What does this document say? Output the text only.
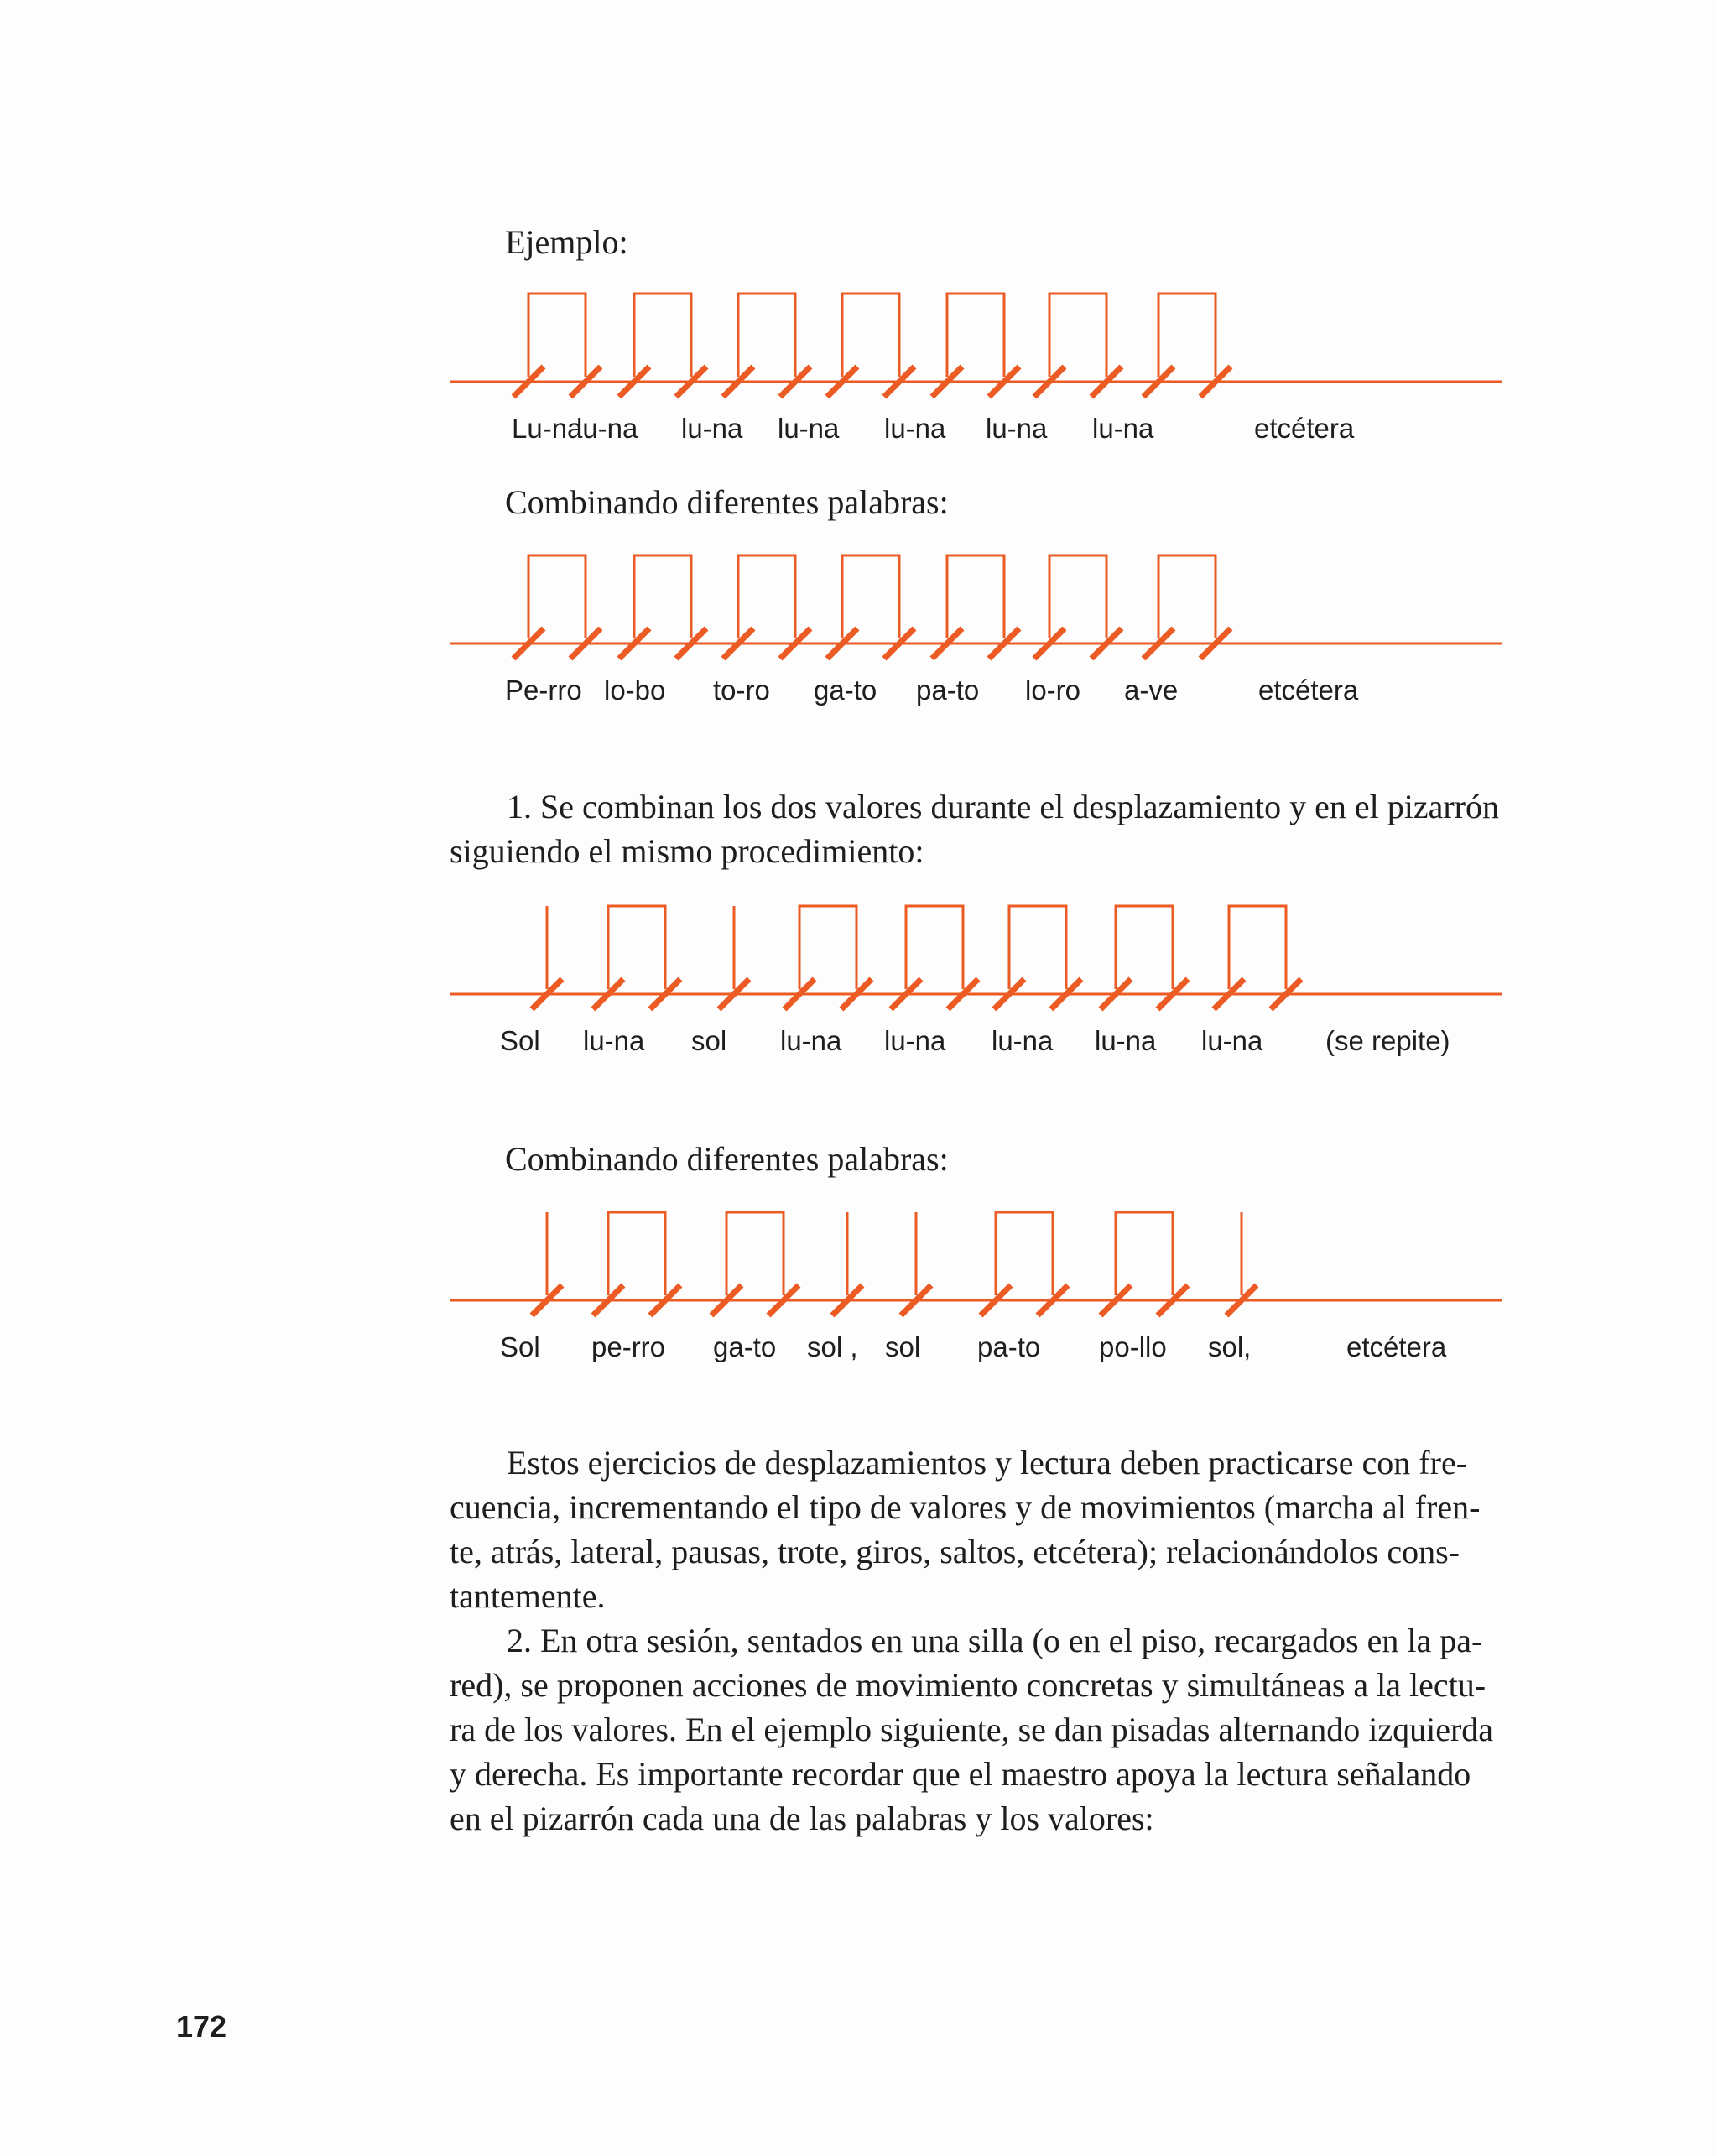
Ejemplo:
Lu-na
lu-na lu-na lu-na lu-na lu-na lu-na	etcétera
Combinando diferentes palabras:
Pe-rro lo-bo to-ro ga-to pa-to lo-ro a-ve	etcétera
1. Se combinan los dos valores durante el desplazamiento y en el pizarrón
siguiendo el mismo procedimiento:
Sol lu-na sol lu-na lu-na lu-na lu-na lu-na (se repite)
Combinando diferentes palabras:
Sol pe-rro ga-to sol , sol pa-to po-llo sol,	etcétera

Estos ejercicios de desplazamientos y lectura deben practicarse con fre-

cuencia, incrementando el tipo de valores y de movimientos (marcha al fren-

te, atrás, lateral, pausas, trote, giros, saltos, etcétera); relacionándolos cons-

tantemente.

2. En otra sesión, sentados en una silla (o en el piso, recargados en la pa-

red), se proponen acciones de movimiento concretas y simultáneas a la lectu-

ra de los valores. En el ejemplo siguiente, se dan pisadas alternando izquierda

y derecha. Es importante recordar que el maestro apoya la lectura señalando

en el pizarrón cada una de las palabras y los valores:

172
